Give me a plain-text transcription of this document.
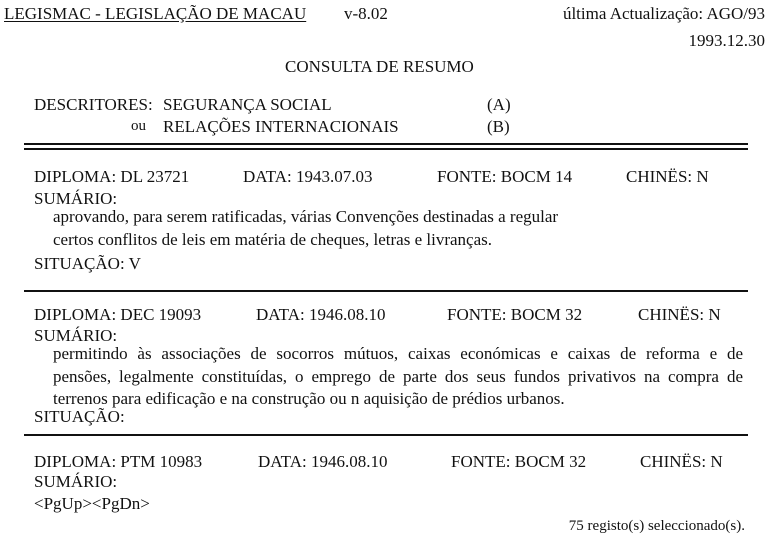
LEGISMAC - LEGISLAÇÃO DE MACAU v-8.02	última Actualização: AGO/93
1993.12.30
CONSULTA DE RESUMO
DESCRITORES: SEGURANÇA SOCIAL	(A)
ou RELAÇÕES INTERNACIONAIS	(B)
DIPLOMA: DL 23721	DATA: 1943.07.03	FONTE: BOCM 14	CHINËS: N
SUMÁRIO:
aprovando, para serem ratificadas, várias Convenções destinadas a regular
certos conflitos de leis em matéria de cheques, letras e livranças.
SITUAÇÃO: V
DIPLOMA: DEC 19093	DATA: 1946.08.10	FONTE: BOCM 32	CHINËS: N
SUMÁRIO:
permitindo às associações de socorros mútuos, caixas económicas e caixas de reforma e de
pensões, legalmente constituídas, o emprego de parte dos seus fundos privativos na compra de
terrenos para edificação e na construção ou n aquisição de prédios urbanos.
SITUAÇÃO:
DIPLOMA: PTM 10983	DATA: 1946.08.10	FONTE: BOCM 32	CHINËS: N
SUMÁRIO:
<PgUp><PgDn>
75 registo(s) seleccionado(s).
